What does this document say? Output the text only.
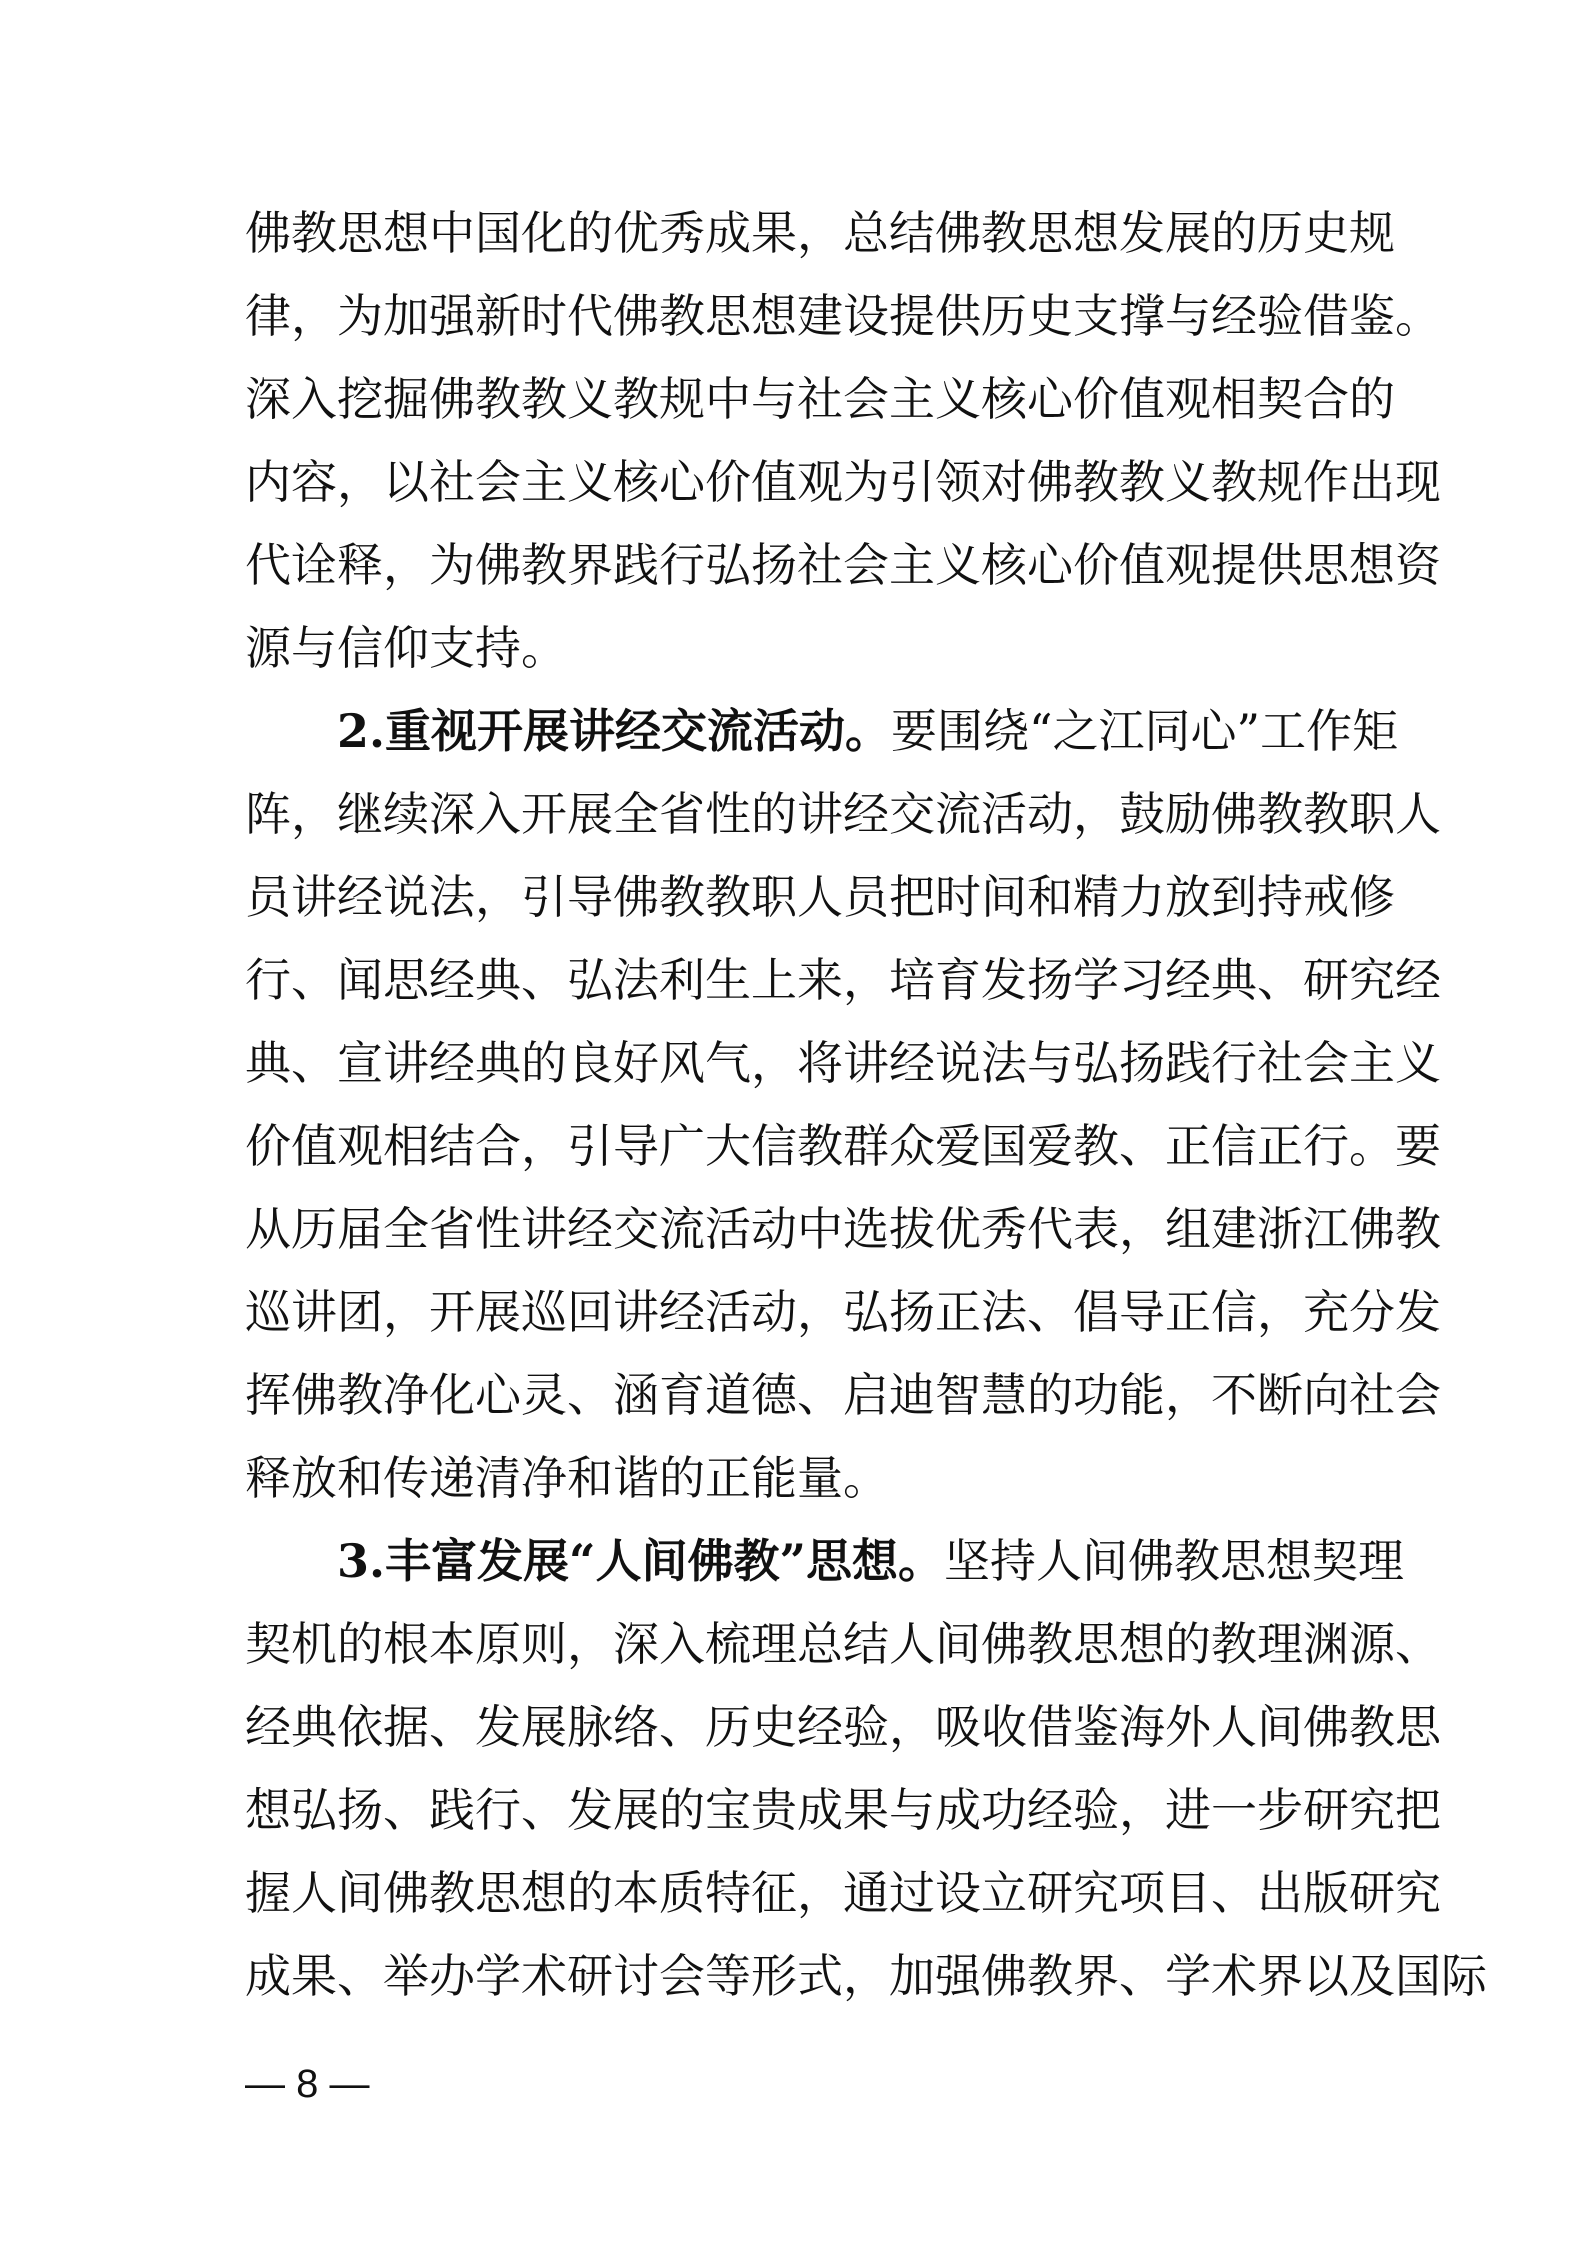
佛教思想中国化的优秀成果，总结佛教思想发展的历史规
律，为加强新时代佛教思想建设提供历史支撑与经验借鉴。
深入挖掘佛教教义教规中与社会主义核心价值观相契合的
内容，以社会主义核心价值观为引领对佛教教义教规作出现
代诠释，为佛教界践行弘扬社会主义核心价值观提供思想资
源与信仰支持。
2.重视开展讲经交流活动。要围绕“之江同心”工作矩
阵，继续深入开展全省性的讲经交流活动，鼓励佛教教职人
员讲经说法，引导佛教教职人员把时间和精力放到持戒修
行、闻思经典、弘法利生上来，培育发扬学习经典、研究经
典、宣讲经典的良好风气，将讲经说法与弘扬践行社会主义
价值观相结合，引导广大信教群众爱国爱教、正信正行。要
从历届全省性讲经交流活动中选拔优秀代表，组建浙江佛教
巡讲团，开展巡回讲经活动，弘扬正法、倡导正信，充分发
挥佛教净化心灵、涵育道德、启迪智慧的功能，不断向社会
释放和传递清净和谐的正能量。
3.丰富发展“人间佛教”思想。坚持人间佛教思想契理
契机的根本原则，深入梳理总结人间佛教思想的教理渊源、
经典依据、发展脉络、历史经验，吸收借鉴海外人间佛教思
想弘扬、践行、发展的宝贵成果与成功经验，进一步研究把
握人间佛教思想的本质特征，通过设立研究项目、出版研究
成果、举办学术研讨会等形式，加强佛教界、学术界以及国际
— 8 —
